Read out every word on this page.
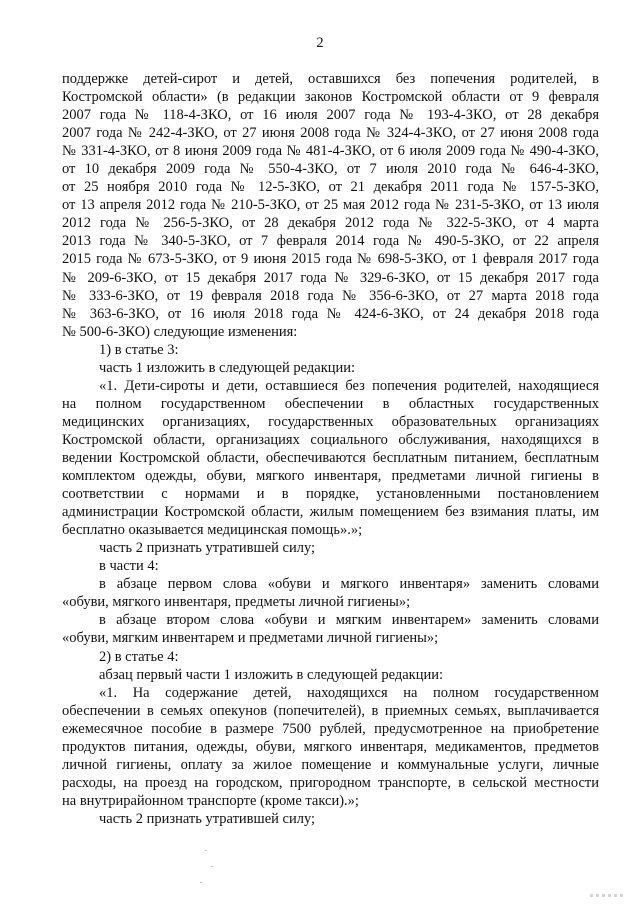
2
поддержке детей-сирот и детей, оставшихся без попечения родителей, в
Костромской области» (в редакции законов Костромской области от 9 февраля
2007 года № 118-4-ЗКО, от 16 июля 2007 года № 193-4-ЗКО, от 28 декабря
2007 года № 242-4-ЗКО, от 27 июня 2008 года № 324-4-ЗКО, от 27 июня 2008 года
№ 331-4-ЗКО, от 8 июня 2009 года № 481-4-ЗКО, от 6 июля 2009 года № 490-4-ЗКО,
от 10 декабря 2009 года № 550-4-ЗКО, от 7 июля 2010 года № 646-4-ЗКО,
от 25 ноября 2010 года № 12-5-ЗКО, от 21 декабря 2011 года № 157-5-ЗКО,
от 13 апреля 2012 года № 210-5-ЗКО, от 25 мая 2012 года № 231-5-ЗКО, от 13 июля
2012 года № 256-5-ЗКО, от 28 декабря 2012 года № 322-5-ЗКО, от 4 марта
2013 года № 340-5-ЗКО, от 7 февраля 2014 года № 490-5-ЗКО, от 22 апреля
2015 года № 673-5-ЗКО, от 9 июня 2015 года № 698-5-ЗКО, от 1 февраля 2017 года
№ 209-6-ЗКО, от 15 декабря 2017 года № 329-6-ЗКО, от 15 декабря 2017 года
№ 333-6-ЗКО, от 19 февраля 2018 года № 356-6-ЗКО, от 27 марта 2018 года
№ 363-6-ЗКО, от 16 июля 2018 года № 424-6-ЗКО, от 24 декабря 2018 года
№ 500-6-ЗКО) следующие изменения:
1) в статье 3:
часть 1 изложить в следующей редакции:
«1. Дети-сироты и дети, оставшиеся без попечения родителей, находящиеся
на полном государственном обеспечении в областных государственных
медицинских организациях, государственных образовательных организациях
Костромской области, организациях социального обслуживания, находящихся в
ведении Костромской области, обеспечиваются бесплатным питанием, бесплатным
комплектом одежды, обуви, мягкого инвентаря, предметами личной гигиены в
соответствии с нормами и в порядке, установленными постановлением
администрации Костромской области, жилым помещением без взимания платы, им
бесплатно оказывается медицинская помощь».»;
часть 2 признать утратившей силу;
в части 4:
в абзаце первом слова «обуви и мягкого инвентаря» заменить словами
«обуви, мягкого инвентаря, предметы личной гигиены»;
в абзаце втором слова «обуви и мягким инвентарем» заменить словами
«обуви, мягким инвентарем и предметами личной гигиены»;
2) в статье 4:
абзац первый части 1 изложить в следующей редакции:
«1. На содержание детей, находящихся на полном государственном
обеспечении в семьях опекунов (попечителей), в приемных семьях, выплачивается
ежемесячное пособие в размере 7500 рублей, предусмотренное на приобретение
продуктов питания, одежды, обуви, мягкого инвентаря, медикаментов, предметов
личной гигиены, оплату за жилое помещение и коммунальные услуги, личные
расходы, на проезд на городском, пригородном транспорте, в сельской местности
на внутрирайонном транспорте (кроме такси).»;
часть 2 признать утратившей силу;
